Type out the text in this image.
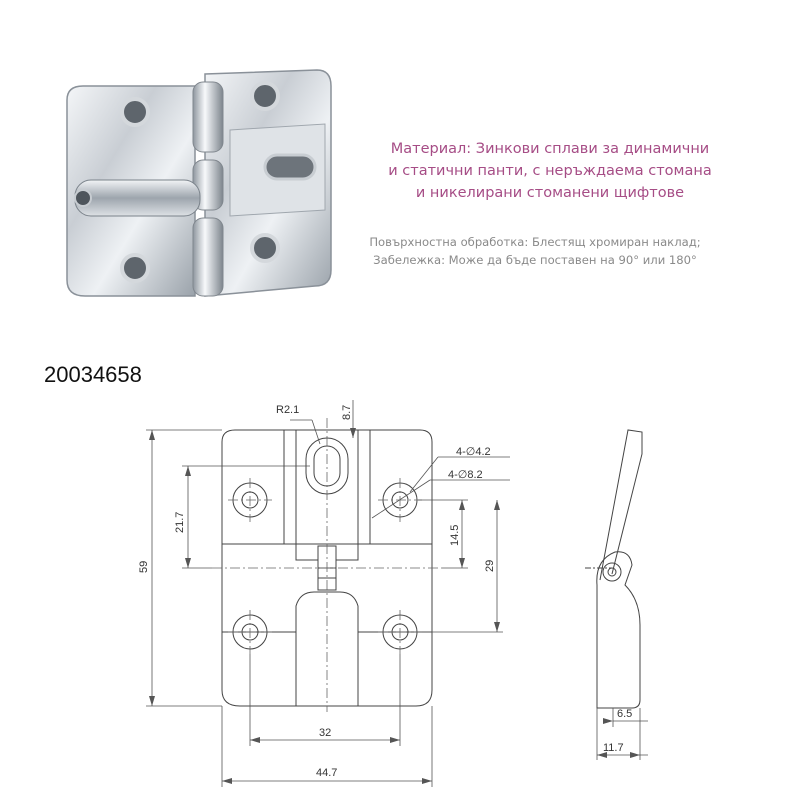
Материал: Зинкови сплави за динамични
и статични панти, с неръждаема стомана
и никелирани стоманени щифтове
Повърхностна обработка: Блестящ хромиран наклад;
Забележка: Може да бъде поставен на 90° или 180°
20034658
R2.1	8.7
4-∅4.2
4-∅8.2
21.7
14.5
29
59
32
44.7
6.5
11.7
